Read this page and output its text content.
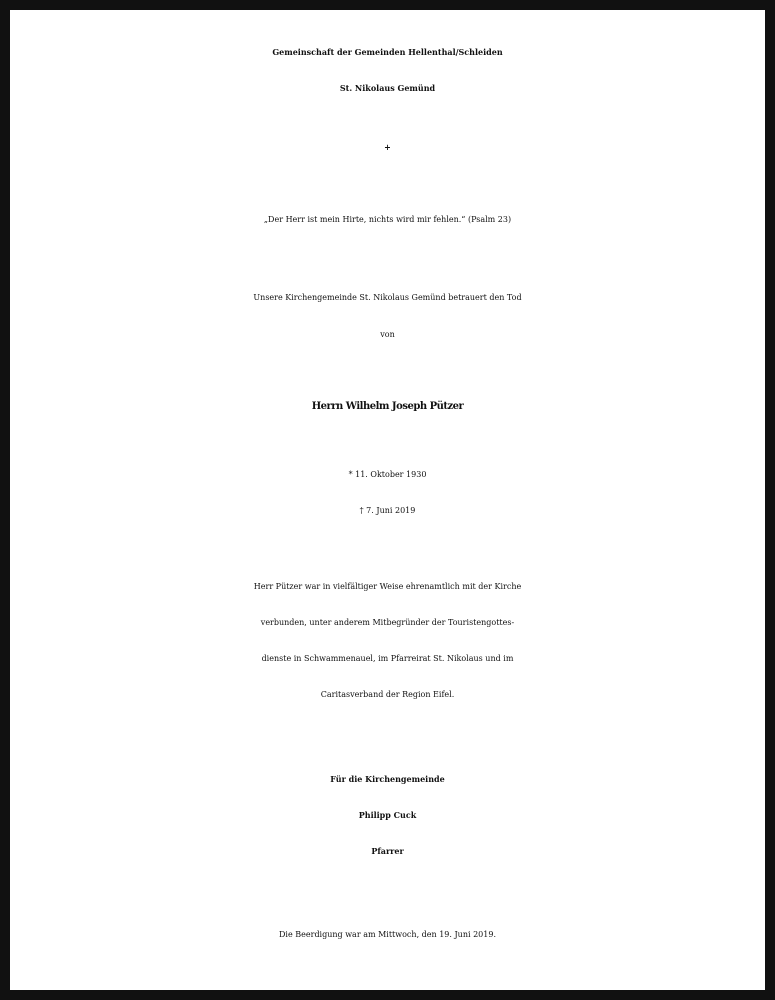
Gemeinschaft der Gemeinden Hellenthal/Schleiden
St. Nikolaus Gemünd
+
„Der Herr ist mein Hirte, nichts wird mir fehlen.“ (Psalm 23)
Unsere Kirchengemeinde St. Nikolaus Gemünd betrauert den Tod
von
Herrn Wilhelm Joseph Pützer
* 11. Oktober 1930
† 7. Juni 2019
Herr Pützer war in vielfältiger Weise ehrenamtlich mit der Kirche
verbunden, unter anderem Mitbegründer der Touristengottes-
dienste in Schwammenauel, im Pfarreirat St. Nikolaus und im
Caritasverband der Region Eifel.
Für die Kirchengemeinde
Philipp Cuck
Pfarrer
Die Beerdigung war am Mittwoch, den 19. Juni 2019.
